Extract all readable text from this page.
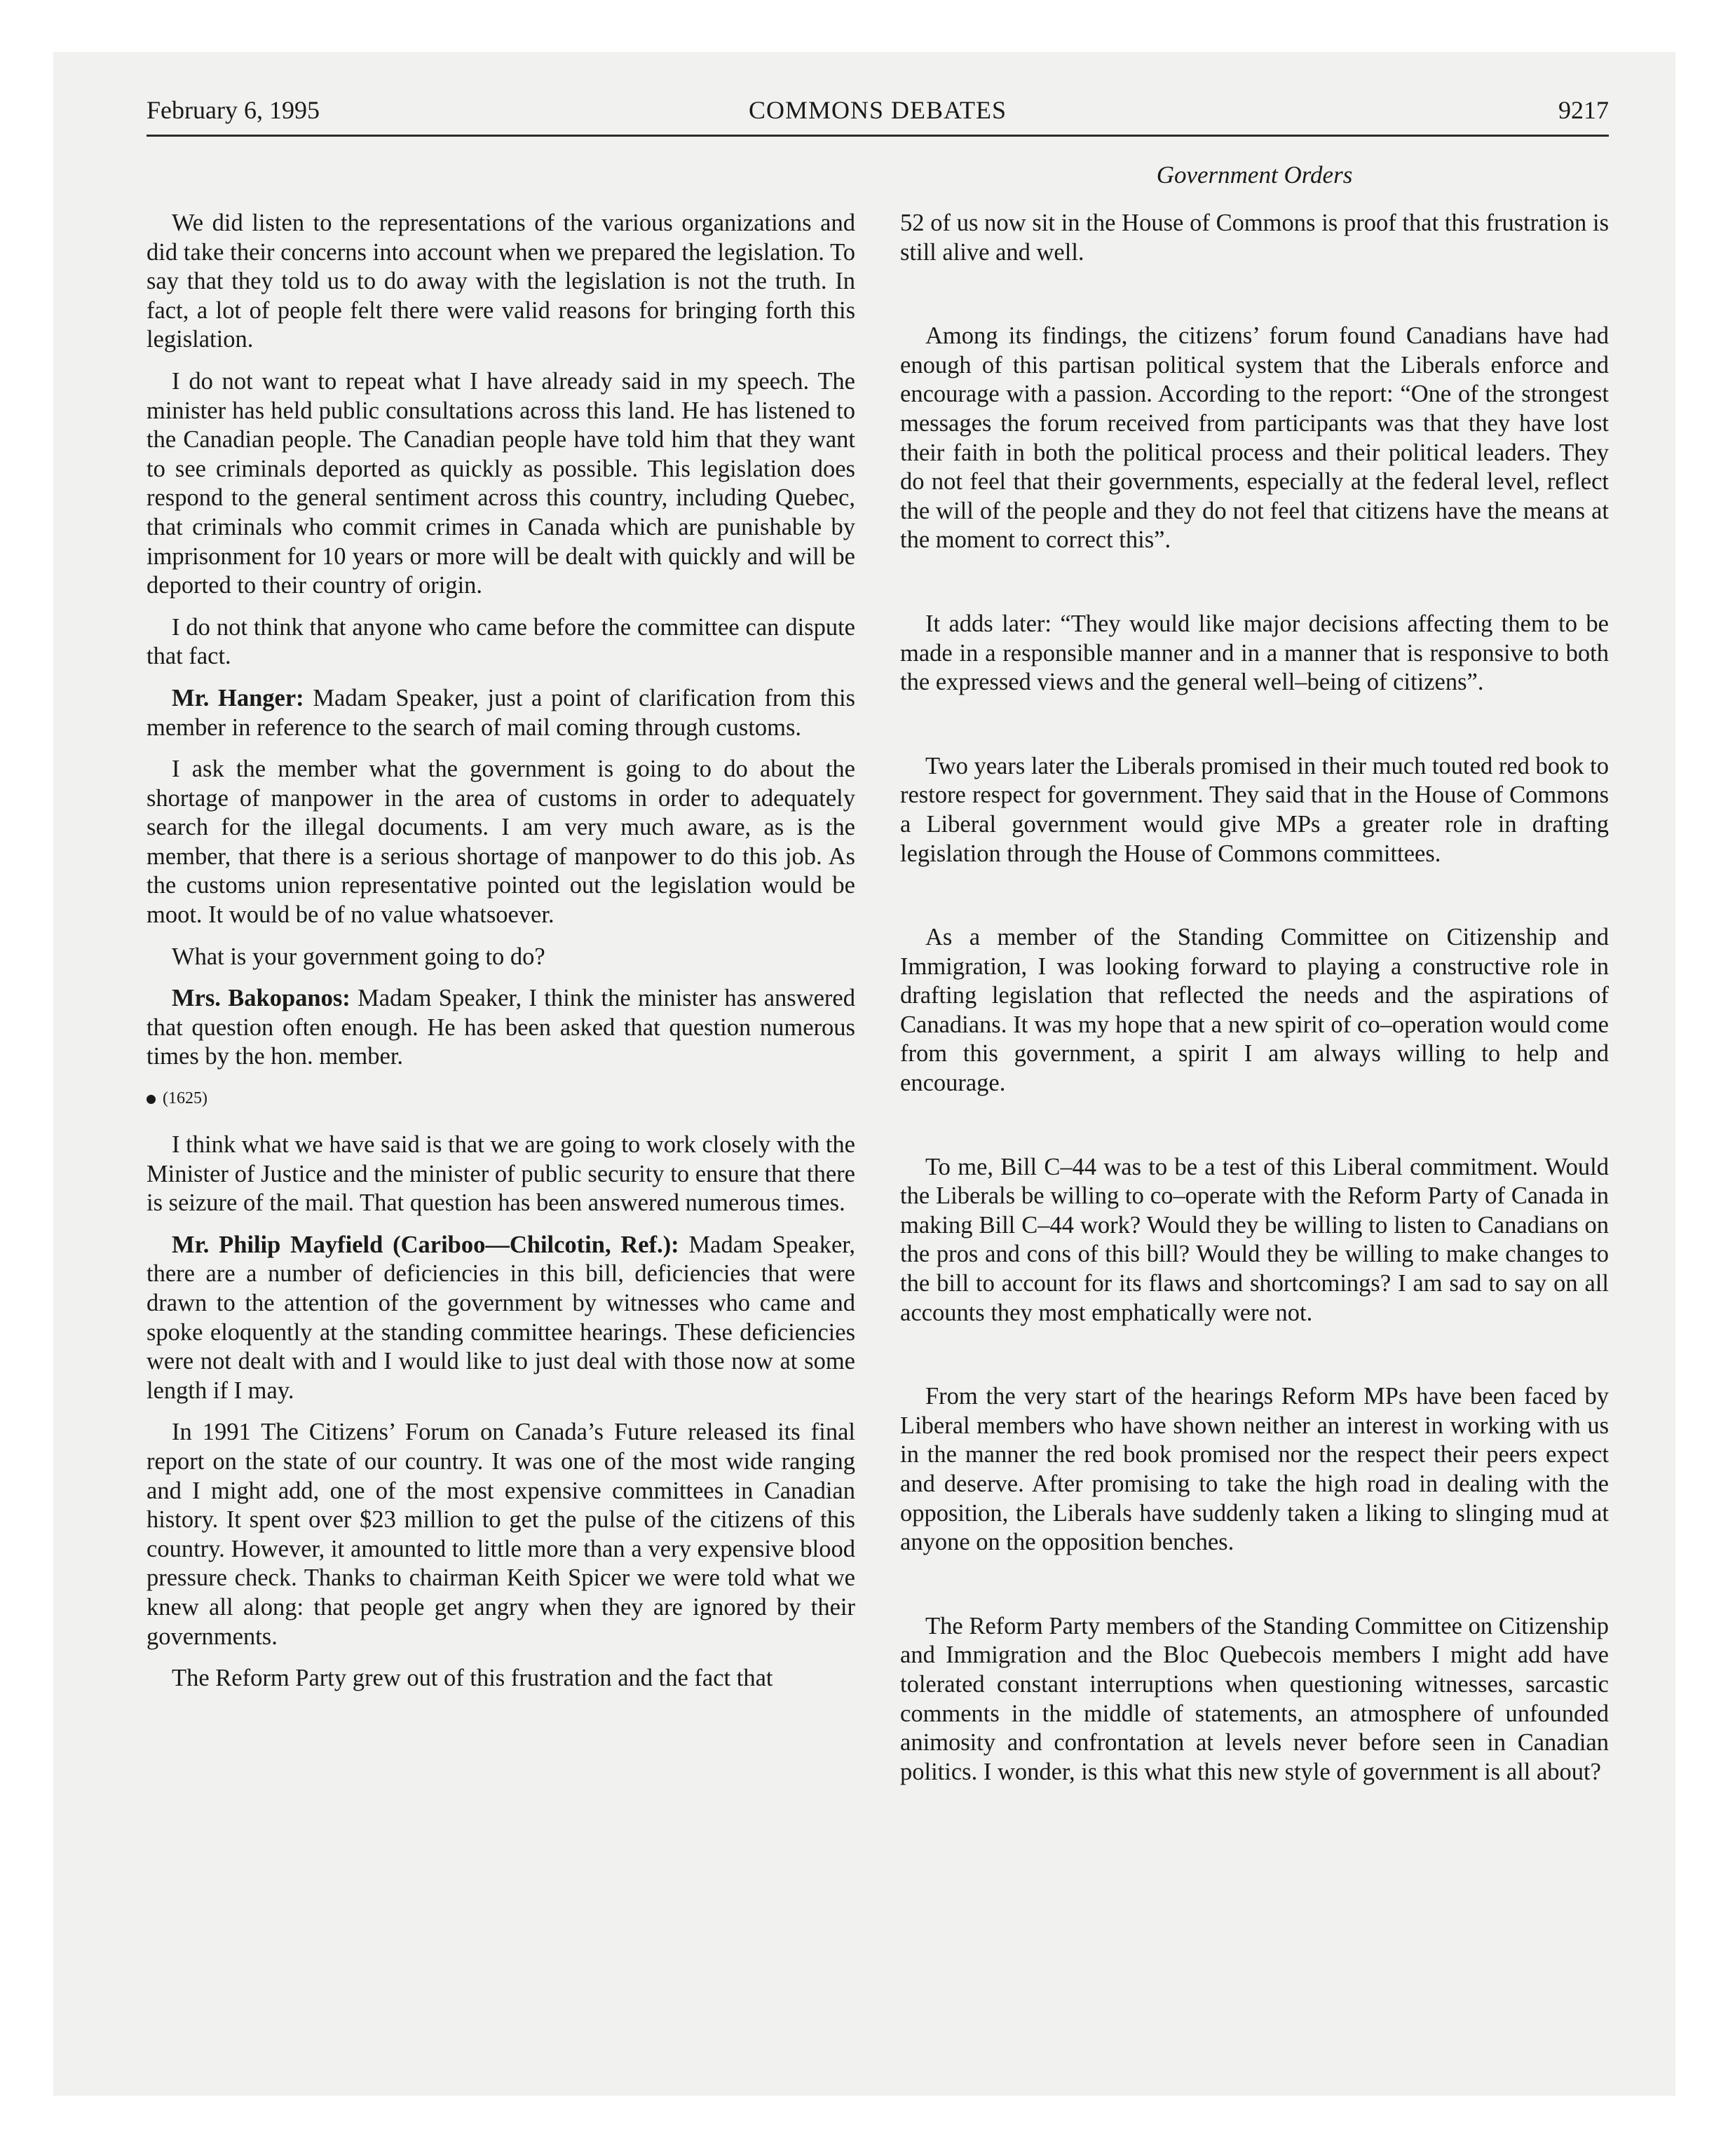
February 6, 1995	COMMONS DEBATES	9217
Government Orders

We did listen to the representations of the various organizations and did take their concerns into account when we prepared the legislation. To say that they told us to do away with the legislation is not the truth. In fact, a lot of people felt there were valid reasons for bringing forth this legislation.

I do not want to repeat what I have already said in my speech. The minister has held public consultations across this land. He has listened to the Canadian people. The Canadian people have told him that they want to see criminals deported as quickly as possible. This legislation does respond to the general sentiment across this country, including Quebec, that criminals who commit crimes in Canada which are punishable by imprisonment for 10 years or more will be dealt with quickly and will be deported to their country of origin.

I do not think that anyone who came before the committee can dispute that fact.

Mr. Hanger: Madam Speaker, just a point of clarification from this member in reference to the search of mail coming through customs.

I ask the member what the government is going to do about the shortage of manpower in the area of customs in order to adequately search for the illegal documents. I am very much aware, as is the member, that there is a serious shortage of manpower to do this job. As the customs union representative pointed out the legislation would be moot. It would be of no value whatsoever.

What is your government going to do?

Mrs. Bakopanos: Madam Speaker, I think the minister has answered that question often enough. He has been asked that question numerous times by the hon. member.

(1625)

I think what we have said is that we are going to work closely with the Minister of Justice and the minister of public security to ensure that there is seizure of the mail. That question has been answered numerous times.

Mr. Philip Mayfield (Cariboo—Chilcotin, Ref.): Madam Speaker, there are a number of deficiencies in this bill, deficiencies that were drawn to the attention of the government by witnesses who came and spoke eloquently at the standing committee hearings. These deficiencies were not dealt with and I would like to just deal with those now at some length if I may.

In 1991 The Citizens’ Forum on Canada’s Future released its final report on the state of our country. It was one of the most wide ranging and I might add, one of the most expensive committees in Canadian history. It spent over $23 million to get the pulse of the citizens of this country. However, it amounted to little more than a very expensive blood pressure check. Thanks to chairman Keith Spicer we were told what we knew all along: that people get angry when they are ignored by their governments.

The Reform Party grew out of this frustration and the fact that

52 of us now sit in the House of Commons is proof that this frustration is still alive and well.

Among its findings, the citizens’ forum found Canadians have had enough of this partisan political system that the Liberals enforce and encourage with a passion. According to the report: “One of the strongest messages the forum received from participants was that they have lost their faith in both the political process and their political leaders. They do not feel that their governments, especially at the federal level, reflect the will of the people and they do not feel that citizens have the means at the moment to correct this”.

It adds later: “They would like major decisions affecting them to be made in a responsible manner and in a manner that is responsive to both the expressed views and the general well–being of citizens”.

Two years later the Liberals promised in their much touted red book to restore respect for government. They said that in the House of Commons a Liberal government would give MPs a greater role in drafting legislation through the House of Commons committees.

As a member of the Standing Committee on Citizenship and Immigration, I was looking forward to playing a constructive role in drafting legislation that reflected the needs and the aspirations of Canadians. It was my hope that a new spirit of co–operation would come from this government, a spirit I am always willing to help and encourage.

To me, Bill C–44 was to be a test of this Liberal commitment. Would the Liberals be willing to co–operate with the Reform Party of Canada in making Bill C–44 work? Would they be willing to listen to Canadians on the pros and cons of this bill? Would they be willing to make changes to the bill to account for its flaws and shortcomings? I am sad to say on all accounts they most emphatically were not.

From the very start of the hearings Reform MPs have been faced by Liberal members who have shown neither an interest in working with us in the manner the red book promised nor the respect their peers expect and deserve. After promising to take the high road in dealing with the opposition, the Liberals have suddenly taken a liking to slinging mud at anyone on the opposition benches.

The Reform Party members of the Standing Committee on Citizenship and Immigration and the Bloc Quebecois members I might add have tolerated constant interruptions when questioning witnesses, sarcastic comments in the middle of statements, an atmosphere of unfounded animosity and confrontation at levels never before seen in Canadian politics. I wonder, is this what this new style of government is all about?
